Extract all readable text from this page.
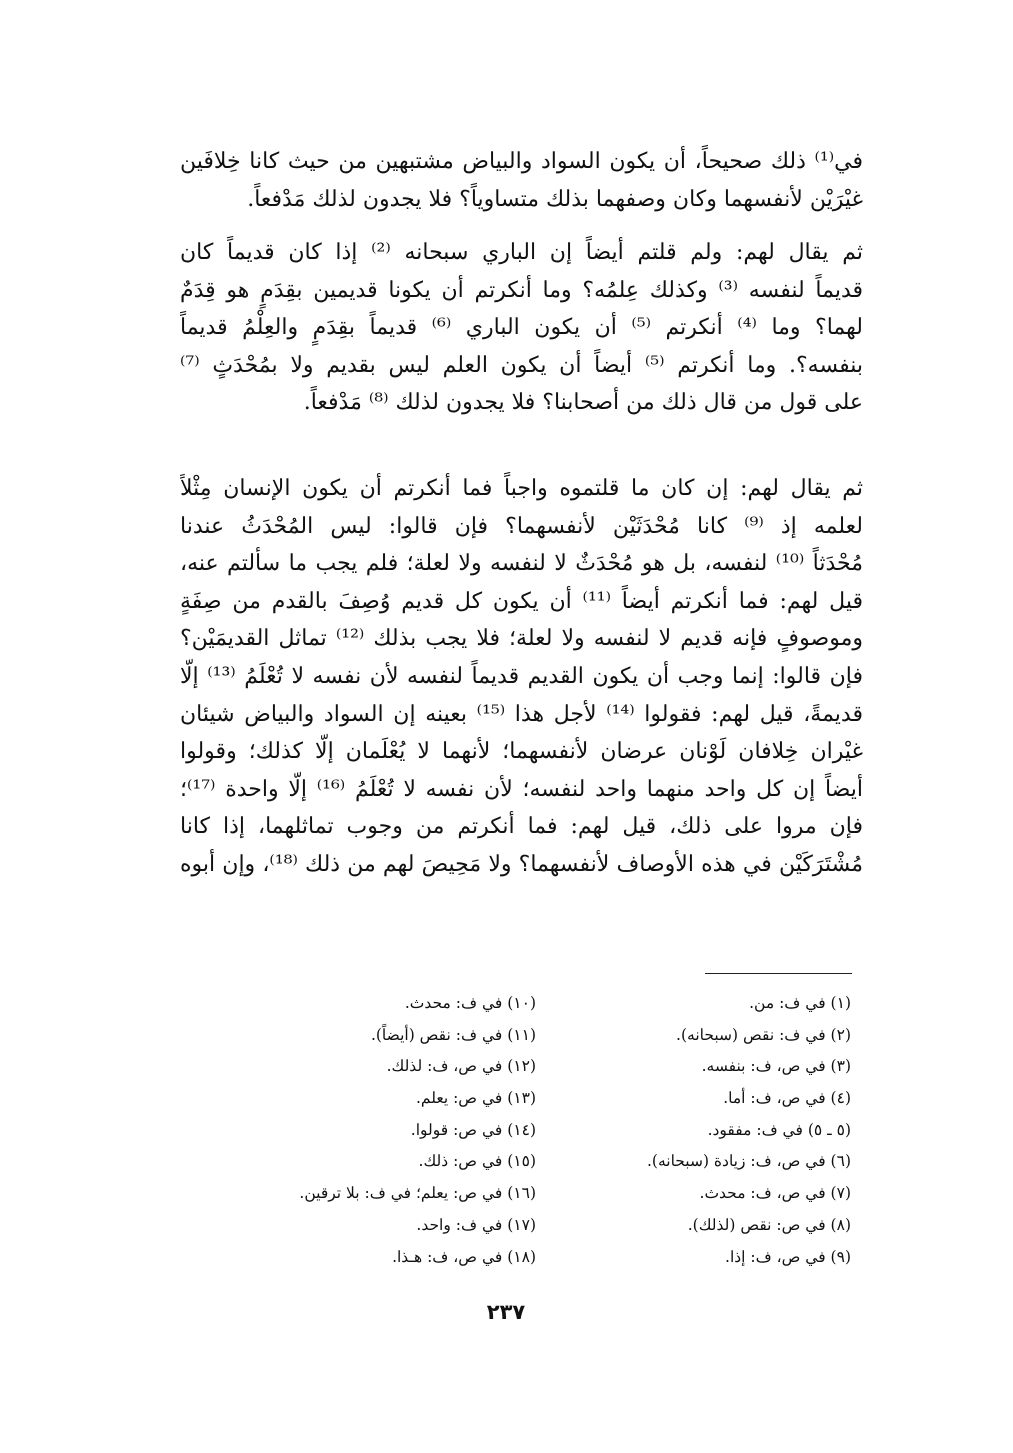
في⁽¹⁾ ذلك صحيحاً، أن يكون السواد والبياض مشتبهين من حيث كانا خِلافَين
غيْرَيْن لأنفسهما وكان وصفهما بذلك متساوياً؟ فلا يجدون لذلك مَدْفعاً.
ثم يقال لهم: ولم قلتم أيضاً إن الباري سبحانه ⁽²⁾ إذا كان قديماً كان
قديماً لنفسه ⁽³⁾ وكذلك عِلمُه؟ وما أنكرتم أن يكونا قديمين بقِدَمٍ هو قِدَمٌ
لهما؟ وما ⁽⁴⁾ أنكرتم ⁽⁵⁾ أن يكون الباري ⁽⁶⁾ قديماً بقِدَمٍ والعِلْمُ قديماً
بنفسه؟. وما أنكرتم ⁽⁵⁾ أيضاً أن يكون العلم ليس بقديم ولا بمُحْدَثٍ ⁽⁷⁾
على قول من قال ذلك من أصحابنا؟ فلا يجدون لذلك ⁽⁸⁾ مَدْفعاً.
ثم يقال لهم: إن كان ما قلتموه واجباً فما أنكرتم أن يكون الإنسان مِثْلاً
لعلمه إذ ⁽⁹⁾ كانا مُحْدَثَيْن لأنفسهما؟ فإن قالوا: ليس المُحْدَثُ عندنا
مُحْدَثاً ⁽¹⁰⁾ لنفسه، بل هو مُحْدَثٌ لا لنفسه ولا لعلة؛ فلم يجب ما سألتم عنه،
قيل لهم: فما أنكرتم أيضاً ⁽¹¹⁾ أن يكون كل قديم وُصِفَ بالقدم من صِفَةٍ
وموصوفٍ فإنه قديم لا لنفسه ولا لعلة؛ فلا يجب بذلك ⁽¹²⁾ تماثل القديمَيْن؟
فإن قالوا: إنما وجب أن يكون القديم قديماً لنفسه لأن نفسه لا تُعْلَمُ ⁽¹³⁾ إلّا
قديمةً، قيل لهم: فقولوا ⁽¹⁴⁾ لأجل هذا ⁽¹⁵⁾ بعينه إن السواد والبياض شيئان
غيْران خِلافان لَوْنان عرضان لأنفسهما؛ لأنهما لا يُعْلَمان إلّا كذلك؛ وقولوا
أيضاً إن كل واحد منهما واحد لنفسه؛ لأن نفسه لا تُعْلَمُ ⁽¹⁶⁾ إلّا واحدة ⁽¹⁷⁾؛
فإن مروا على ذلك، قيل لهم: فما أنكرتم من وجوب تماثلهما، إذا كانا
مُشْتَرَكَيْن في هذه الأوصاف لأنفسهما؟ ولا مَحِيصَ لهم من ذلك ⁽¹⁸⁾، وإن أبوه
(١) في ف: من.
(٢) في ف: نقص (سبحانه).
(٣) في ص، ف: بنفسه.
(٤) في ص، ف: أما.
(٥ ـ ٥) في ف: مفقود.
(٦) في ص، ف: زيادة (سبحانه).
(٧) في ص، ف: محدث.
(٨) في ص: نقص (لذلك).
(٩) في ص، ف: إذا.
(١٠) في ف: محدث.
(١١) في ف: نقص (أيضاً).
(١٢) في ص، ف: لذلك.
(١٣) في ص: يعلم.
(١٤) في ص: قولوا.
(١٥) في ص: ذلك.
(١٦) في ص: يعلم؛ في ف: بلا ترقين.
(١٧) في ف: واحد.
(١٨) في ص، ف: هـذا.
٢٣٧
